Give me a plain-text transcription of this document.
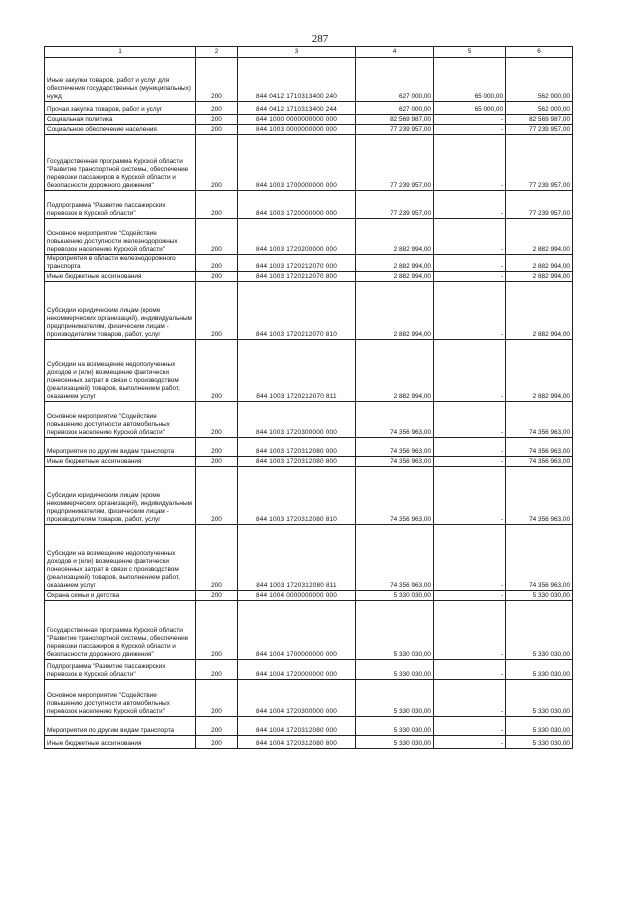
287
1	2	3	4	5	6
Иные закупки товаров, работ и услуг для обеспечения государственных (муниципальных) нужд	200	844 0412 1710313400 240	627 000,00	65 000,00	562 000,00
Прочая закупка товаров, работ и услуг	200	844 0412 1710313400 244	627 000,00	65 000,00	562 000,00
Социальная политика	200	844 1000 0000000000 000	82 569 987,00	-	82 569 987,00
Социальное обеспечение населения	200	844 1003 0000000000 000	77 239 957,00	-	77 239 957,00
Государственная программа Курской области "Развитие транспортной системы, обеспечение перевозки пассажиров в Курской области и безопасности дорожного движения"	200	844 1003 1700000000 000	77 239 957,00	-	77 239 957,00
Подпрограмма "Развитие пассажирских перевозок в Курской области"	200	844 1003 1720000000 000	77 239 957,00	-	77 239 957,00
Основное мероприятие "Содействие повышению доступности железнодорожных перевозок населению Курской области"	200	844 1003 1720200000 000	2 882 994,00	-	2 882 994,00
Мероприятия в области железнодорожного транспорта	200	844 1003 1720212070 000	2 882 994,00	-	2 882 994,00
Иные бюджетные ассигнования	200	844 1003 1720212070 800	2 882 994,00	-	2 882 994,00
Субсидии юридическим лицам (кроме некоммерческих организаций), индивидуальным предпринимателям, физическим лицам - производителям товаров, работ, услуг	200	844 1003 1720212070 810	2 882 994,00	-	2 882 994,00
Субсидии на возмещение недополученных доходов и (или) возмещение фактически понесенных затрат в связи с производством (реализацией) товаров, выполнением работ, оказанием услуг	200	844 1003 1720212070 811	2 882 994,00	-	2 882 994,00
Основное мероприятие "Содействие повышению доступности автомобильных перевозок населению Курской области"	200	844 1003 1720300000 000	74 356 963,00	-	74 356 963,00
Мероприятия по другим видам транспорта	200	844 1003 1720312080 000	74 356 963,00	-	74 356 963,00
Иные бюджетные ассигнования	200	844 1003 1720312080 800	74 356 963,00	-	74 356 963,00
Субсидии юридическим лицам (кроме некоммерческих организаций), индивидуальным предпринимателям, физическим лицам - производителям товаров, работ, услуг	200	844 1003 1720312080 810	74 356 963,00	-	74 356 963,00
Субсидии на возмещение недополученных доходов и (или) возмещение фактически понесенных затрат в связи с производством (реализацией) товаров, выполнением работ, оказанием услуг	200	844 1003 1720312080 811	74 356 963,00	-	74 356 963,00
Охрана семьи и детства	200	844 1004 0000000000 000	5 330 030,00	-	5 330 030,00
Государственная программа Курской области "Развитие транспортной системы, обеспечение перевозки пассажиров в Курской области и безопасности дорожного движения"	200	844 1004 1700000000 000	5 330 030,00	-	5 330 030,00
Подпрограмма "Развитие пассажирских перевозок в Курской области"	200	844 1004 1720000000 000	5 330 030,00	-	5 330 030,00
Основное мероприятие "Содействие повышению доступности автомобильных перевозок населению Курской области"	200	844 1004 1720300000 000	5 330 030,00	-	5 330 030,00
Мероприятия по другим видам транспорта	200	844 1004 1720312080 000	5 330 030,00	-	5 330 030,00
Иные бюджетные ассигнования	200	844 1004 1720312080 800	5 330 030,00	-	5 330 030,00
